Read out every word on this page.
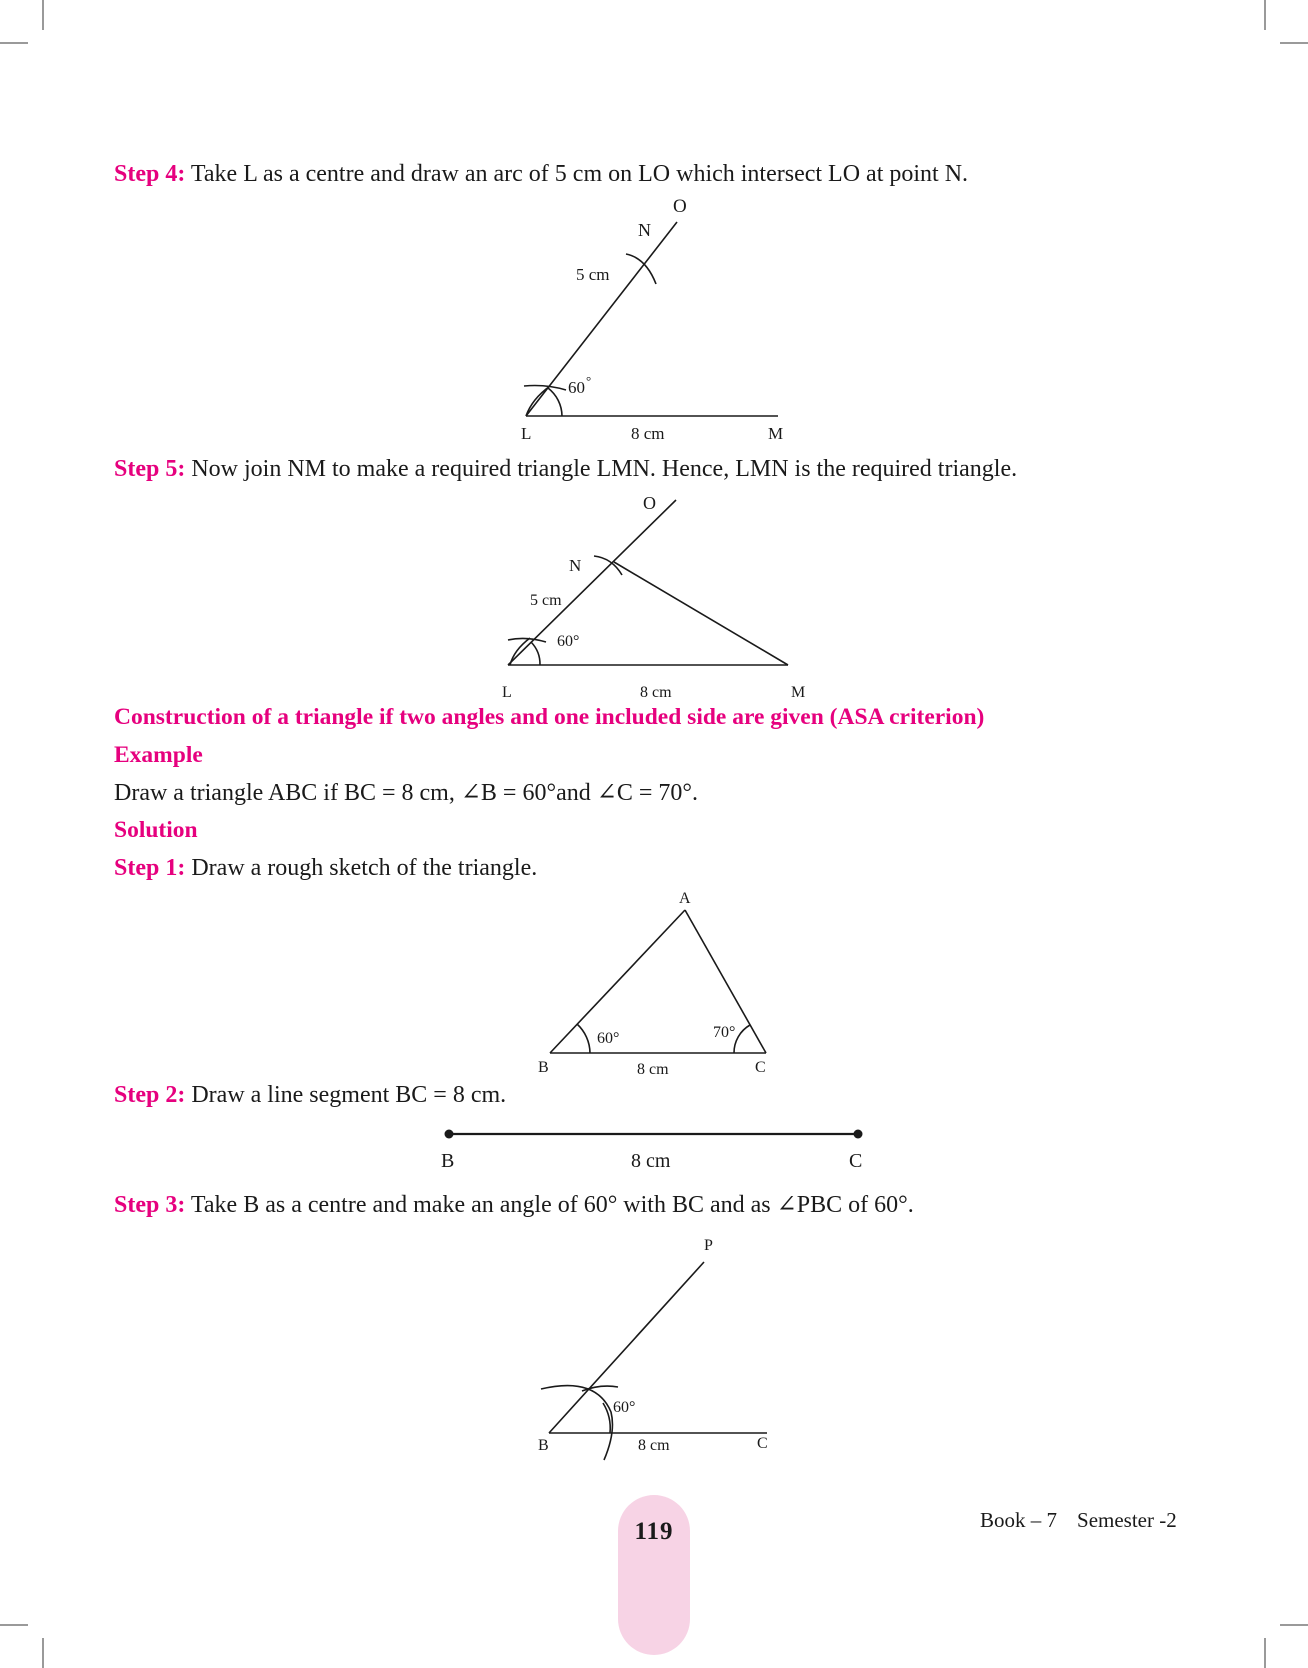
Step 4: Take L as a centre and draw an arc of 5 cm on LO which intersect LO at point N.
O
N
5 cm
60 °
L	8 cm	M
Step 5: Now join NM to make a required triangle LMN. Hence, LMN is the required triangle.
O
N
5 cm
60°
L	8 cm	M
Construction of a triangle if two angles and one included side are given (ASA criterion)
Example
Draw a triangle ABC if BC = 8 cm, ∠B = 60°and ∠C = 70°.
Solution
Step 1: Draw a rough sketch of the triangle.
A
60°	70°
B	8 cm	C
Step 2: Draw a line segment BC = 8 cm.
B	8 cm	C
Step 3: Take B as a centre and make an angle of 60° with BC and as ∠PBC of 60°.
P
60°
B	8 cm	C
119	Book – 7 Semester -2
